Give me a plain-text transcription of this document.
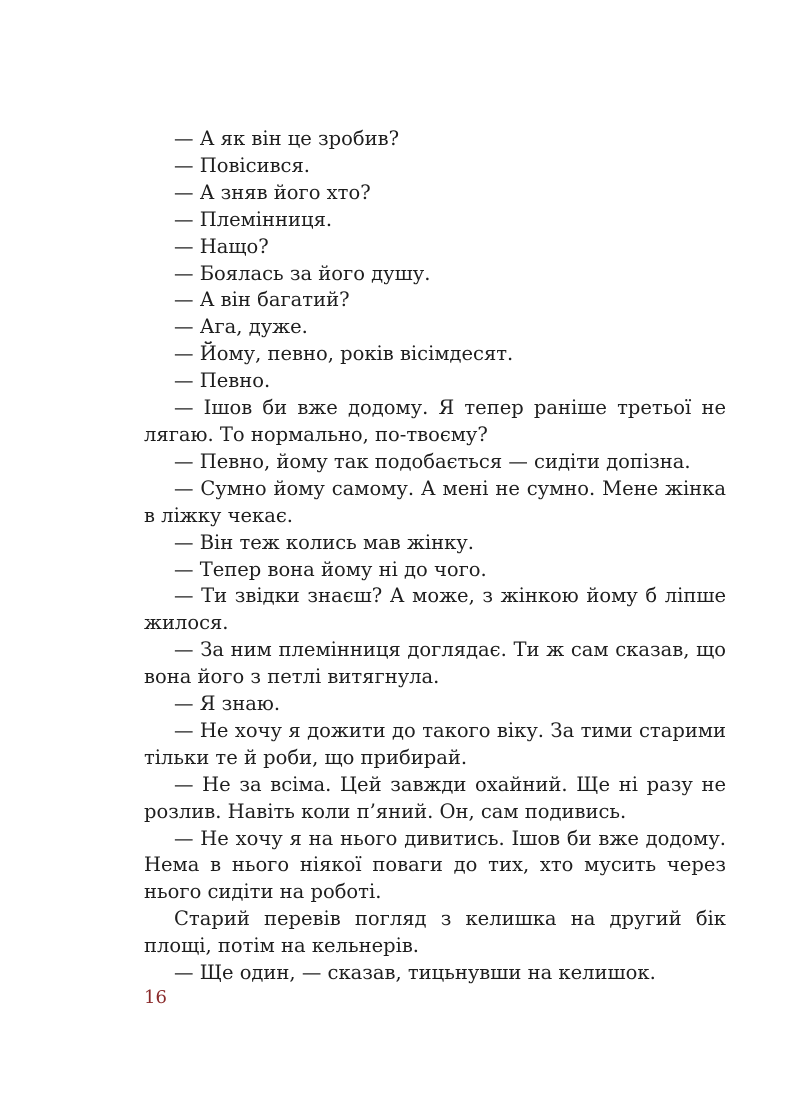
— А як він це зробив?

— Повісився.

— А зняв його хто?

— Племінниця.

— Нащо?

— Боялась за його душу.

— А він багатий?

— Ага, дуже.

— Йому, певно, років вісімдесят.

— Певно.

— Ішов би вже додому. Я тепер раніше третьої не лягаю. То нормально, по-твоєму?

— Певно, йому так подобається — сидіти допізна.

— Сумно йому самому. А мені не сумно. Мене жінка в ліжку чекає.

— Він теж колись мав жінку.

— Тепер вона йому ні до чого.

— Ти звідки знаєш? А може, з жінкою йому б ліпше жилося.

— За ним племінниця доглядає. Ти ж сам сказав, що вона його з петлі витягнула.

— Я знаю.

— Не хочу я дожити до такого віку. За тими старими тільки те й роби, що прибирай.

— Не за всіма. Цей завжди охайний. Ще ні разу не розлив. Навіть коли п’яний. Он, сам подивись.

— Не хочу я на нього дивитись. Ішов би вже додому. Нема в нього ніякої поваги до тих, хто мусить через нього сидіти на роботі.

Старий перевів погляд з келишка на другий бік площі, потім на кельнерів.

— Ще один, — сказав, тицьнувши на келишок.

16
